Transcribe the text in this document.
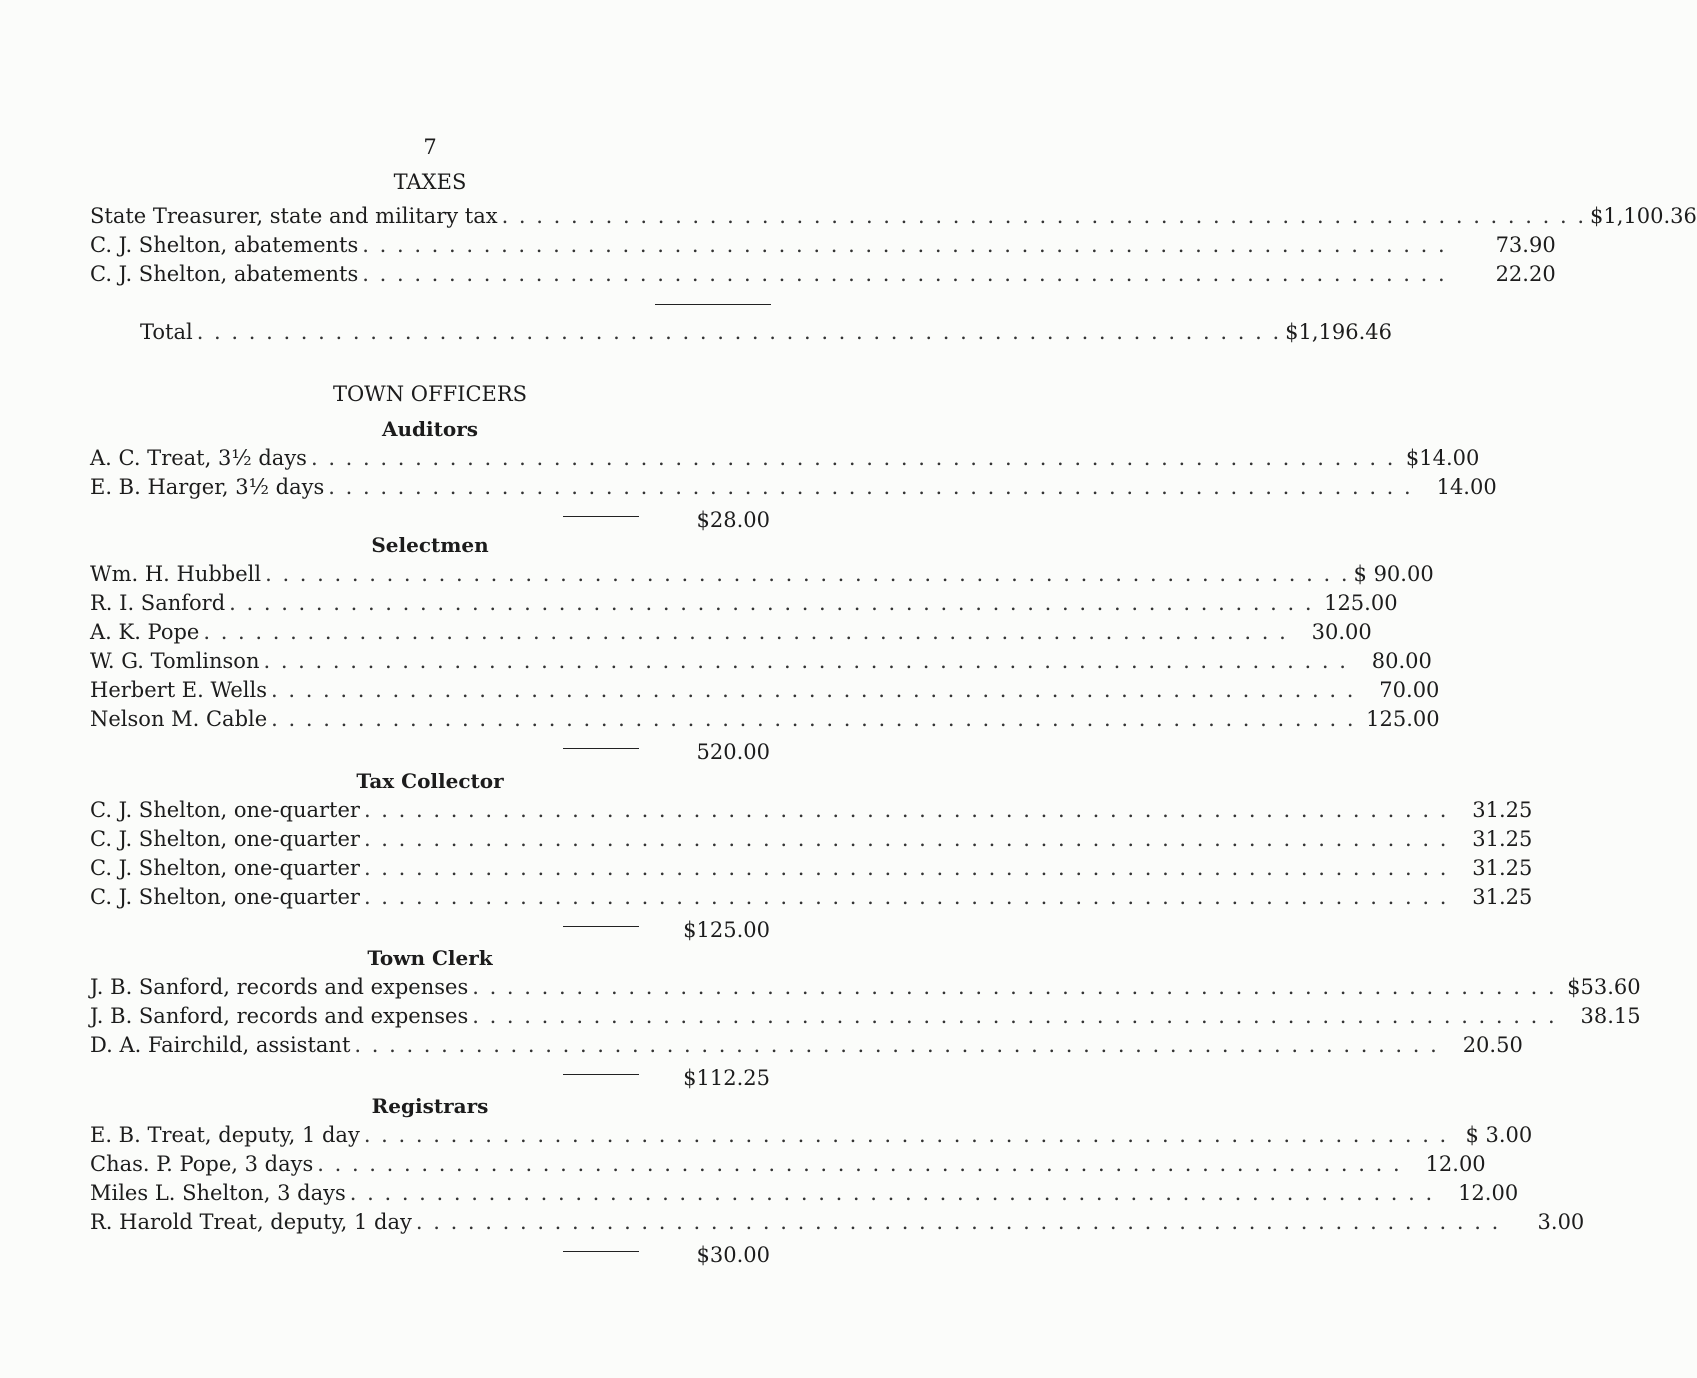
7
TAXES
State Treasurer, state and military tax . . . . . . . . . . . . . . . . . . . . . . . . . . . . . . . . . . . . . . . . . . . . . . . . . . . . . . . . . . . . . . . $1,100.36
C. J. Shelton, abatements . . . . . . . . . . . . . . . . . . . . . . . . . . . . . . . . . . . . . . . . . . . . . . . . . . . . . . . . . . . . . . .	73.90
C. J. Shelton, abatements . . . . . . . . . . . . . . . . . . . . . . . . . . . . . . . . . . . . . . . . . . . . . . . . . . . . . . . . . . . . . . .	22.20
Total . . . . . . . . . . . . . . . . . . . . . . . . . . . . . . . . . . . . . . . . . . . . . . . . . . . . . . . . . . . . . . . $1,196.46
TOWN OFFICERS
Auditors
A. C. Treat, 3½ days . . . . . . . . . . . . . . . . . . . . . . . . . . . . . . . . . . . . . . . . . . . . . . . . . . . . . . . . . . . . . . . $14.00
E. B. Harger, 3½ days . . . . . . . . . . . . . . . . . . . . . . . . . . . . . . . . . . . . . . . . . . . . . . . . . . . . . . . . . . . . . . .	14.00
$28.00
Selectmen
Wm. H. Hubbell . . . . . . . . . . . . . . . . . . . . . . . . . . . . . . . . . . . . . . . . . . . . . . . . . . . . . . . . . . . . . . . $ 90.00
R. I. Sanford . . . . . . . . . . . . . . . . . . . . . . . . . . . . . . . . . . . . . . . . . . . . . . . . . . . . . . . . . . . . . . . 125.00
A. K. Pope . . . . . . . . . . . . . . . . . . . . . . . . . . . . . . . . . . . . . . . . . . . . . . . . . . . . . . . . . . . . . . .	30.00
W. G. Tomlinson . . . . . . . . . . . . . . . . . . . . . . . . . . . . . . . . . . . . . . . . . . . . . . . . . . . . . . . . . . . . . . .	80.00
Herbert E. Wells . . . . . . . . . . . . . . . . . . . . . . . . . . . . . . . . . . . . . . . . . . . . . . . . . . . . . . . . . . . . . . .	70.00
Nelson M. Cable . . . . . . . . . . . . . . . . . . . . . . . . . . . . . . . . . . . . . . . . . . . . . . . . . . . . . . . . . . . . . . . 125.00
520.00
Tax Collector
C. J. Shelton, one-quarter . . . . . . . . . . . . . . . . . . . . . . . . . . . . . . . . . . . . . . . . . . . . . . . . . . . . . . . . . . . . . . .	31.25
C. J. Shelton, one-quarter . . . . . . . . . . . . . . . . . . . . . . . . . . . . . . . . . . . . . . . . . . . . . . . . . . . . . . . . . . . . . . .	31.25
C. J. Shelton, one-quarter . . . . . . . . . . . . . . . . . . . . . . . . . . . . . . . . . . . . . . . . . . . . . . . . . . . . . . . . . . . . . . .	31.25
C. J. Shelton, one-quarter . . . . . . . . . . . . . . . . . . . . . . . . . . . . . . . . . . . . . . . . . . . . . . . . . . . . . . . . . . . . . . .	31.25
$125.00
Town Clerk
J. B. Sanford, records and expenses . . . . . . . . . . . . . . . . . . . . . . . . . . . . . . . . . . . . . . . . . . . . . . . . . . . . . . . . . . . . . . . $53.60
J. B. Sanford, records and expenses . . . . . . . . . . . . . . . . . . . . . . . . . . . . . . . . . . . . . . . . . . . . . . . . . . . . . . . . . . . . . . .	38.15
D. A. Fairchild, assistant . . . . . . . . . . . . . . . . . . . . . . . . . . . . . . . . . . . . . . . . . . . . . . . . . . . . . . . . . . . . . . .	20.50
$112.25
Registrars
E. B. Treat, deputy, 1 day . . . . . . . . . . . . . . . . . . . . . . . . . . . . . . . . . . . . . . . . . . . . . . . . . . . . . . . . . . . . . . . $ 3.00
Chas. P. Pope, 3 days . . . . . . . . . . . . . . . . . . . . . . . . . . . . . . . . . . . . . . . . . . . . . . . . . . . . . . . . . . . . . . .	12.00
Miles L. Shelton, 3 days . . . . . . . . . . . . . . . . . . . . . . . . . . . . . . . . . . . . . . . . . . . . . . . . . . . . . . . . . . . . . . .	12.00
R. Harold Treat, deputy, 1 day . . . . . . . . . . . . . . . . . . . . . . . . . . . . . . . . . . . . . . . . . . . . . . . . . . . . . . . . . . . . . . .	3.00
$30.00
